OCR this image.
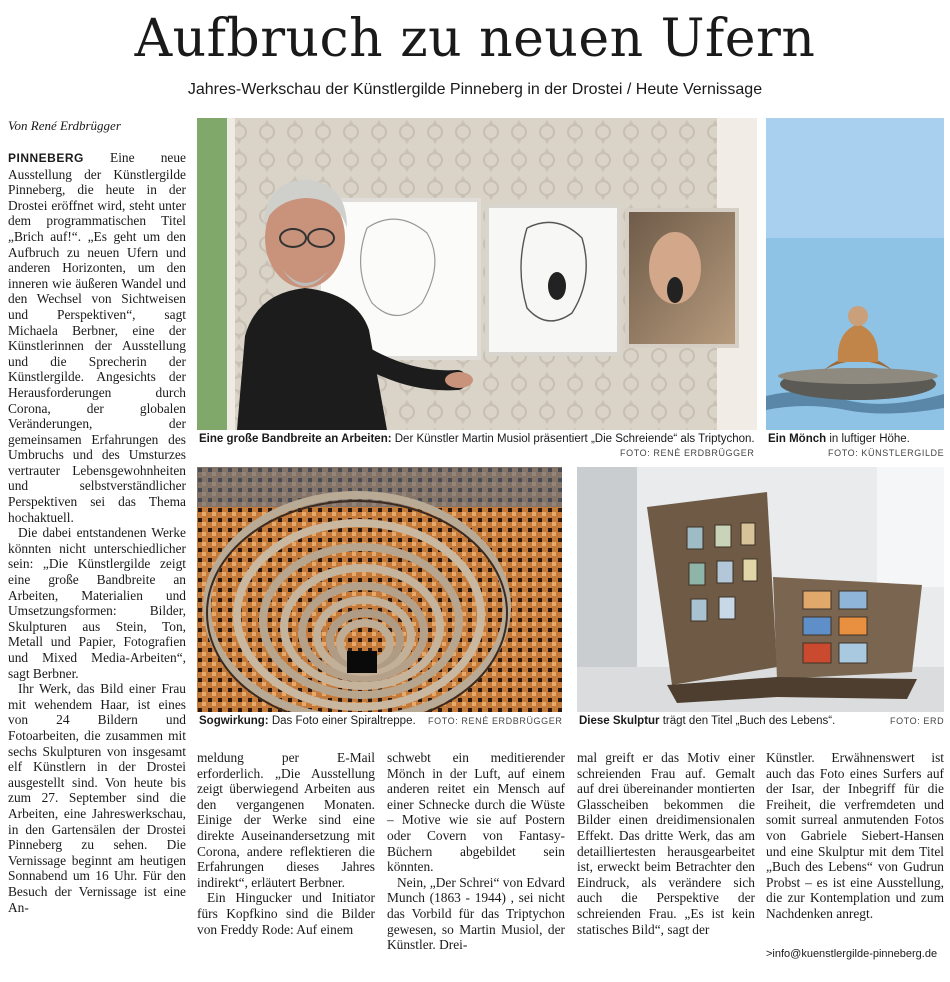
Aufbruch zu neuen Ufern
Jahres-Werkschau der Künstlergilde Pinneberg in der Drostei / Heute Vernissage
Von René Erdbrügger

PINNEBERG Eine neue Ausstellung der Künstlergilde Pinneberg, die heute in der Drostei eröffnet wird, steht unter dem programmatischen Titel „Brich auf!“. „Es geht um den Aufbruch zu neuen Ufern und anderen Horizonten, um den inneren wie äußeren Wandel und den Wechsel von Sichtweisen und Perspektiven“, sagt Michaela Berbner, eine der Künstlerinnen der Ausstellung und die Sprecherin der Künstlergilde. Angesichts der Herausforderungen durch Corona, der globalen Veränderungen, der gemeinsamen Erfahrungen des Umbruchs und des Umsturzes vertrauter Lebensgewohnheiten und selbstverständlicher Perspektiven sei das Thema hochaktuell.

Die dabei entstandenen Werke könnten nicht unterschiedlicher sein: „Die Künstlergilde zeigt eine große Bandbreite an Arbeiten, Materialien und Umsetzungsformen: Bilder, Skulpturen aus Stein, Ton, Metall und Papier, Fotografien und Mixed Media-Arbeiten“, sagt Berbner.

Ihr Werk, das Bild einer Frau mit wehendem Haar, ist eines von 24 Bildern und Fotoarbeiten, die zusammen mit sechs Skulpturen von insgesamt elf Künstlern in der Drostei ausgestellt sind. Von heute bis zum 27. September sind die Arbeiten, eine Jahreswerkschau, in den Gartensälen der Drostei Pinneberg zu sehen. Die Vernissage beginnt am heutigen Sonnabend um 16 Uhr. Für den Besuch der Vernissage ist eine An-

Eine große Bandbreite an Arbeiten: Der Künstler Martin Musiol präsentiert „Die Schreiende“ als Triptychon.
FOTO: RENÉ ERDBRÜGGER
Ein Mönch in luftiger Höhe.
FOTO: KÜNSTLERGILDE
Sogwirkung: Das Foto einer Spiraltreppe.	FOTO: RENÉ ERDBRÜGGER Diese Skulptur trägt den Titel „Buch des Lebens“.	FOTO: ERD

meldung per E-Mail erforderlich. „Die Ausstellung zeigt überwiegend Arbeiten aus den vergangenen Monaten. Einige der Werke sind eine direkte Auseinandersetzung mit Corona, andere reflektieren die Erfahrungen dieses Jahres indirekt“, erläutert Berbner.

Ein Hingucker und Initiator fürs Kopfkino sind die Bilder von Freddy Rode: Auf einem

schwebt ein meditierender Mönch in der Luft, auf einem anderen reitet ein Mensch auf einer Schnecke durch die Wüste – Motive wie sie auf Postern oder Covern von Fantasy-Büchern abgebildet sein könnten.

Nein, „Der Schrei“ von Edvard Munch (1863 - 1944) , sei nicht das Vorbild für das Triptychon gewesen, so Martin Musiol, der Künstler. Drei-

mal greift er das Motiv einer schreienden Frau auf. Gemalt auf drei übereinander montierten Glasscheiben bekommen die Bilder einen dreidimensionalen Effekt. Das dritte Werk, das am detailliertesten herausgearbeitet ist, erweckt beim Betrachter den Eindruck, als verändere sich auch die Perspektive der schreienden Frau. „Es ist kein statisches Bild“, sagt der

Künstler. Erwähnenswert ist auch das Foto eines Surfers auf der Isar, der Inbegriff für die Freiheit, die verfremdeten und somit surreal anmutenden Fotos von Gabriele Siebert-Hansen und eine Skulptur mit dem Titel „Buch des Lebens“ von Gudrun Probst – es ist eine Ausstellung, die zur Kontemplation und zum Nachdenken anregt.

>info@kuenstlergilde-pinneberg.de
